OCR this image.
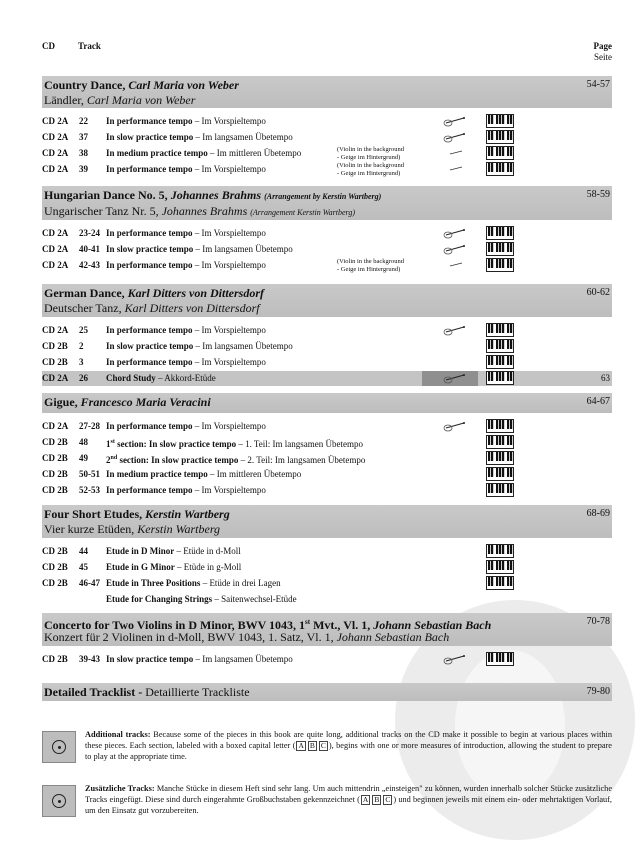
CD	Track	Page
Seite
Country Dance, Carl Maria von Weber
Ländler, Carl Maria von Weber
54-57
CD 2A 22 In performance tempo – Im Vorspieltempo
CD 2A 37 In slow practice tempo – Im langsamen Übetempo
CD 2A 38 In medium practice tempo – Im mittleren Übetempo	(Violin in the background
- Geige im Hintergrund)
CD 2A 39 In performance tempo – Im Vorspieltempo	(Violin in the background
- Geige im Hintergrund)
Hungarian Dance No. 5, Johannes Brahms (Arrangement by Kerstin Wartberg)
Ungarischer Tanz Nr. 5, Johannes Brahms (Arrangement Kerstin Wartberg)
58-59
CD 2A 23-24 In performance tempo – Im Vorspieltempo
CD 2A 40-41 In slow practice tempo – Im langsamen Übetempo
CD 2A 42-43 In performance tempo – Im Vorspieltempo	(Violin in the background
- Geige im Hintergrund)
German Dance, Karl Ditters von Dittersdorf
Deutscher Tanz, Karl Ditters von Dittersdorf
60-62
CD 2A 25 In performance tempo – Im Vorspieltempo
CD 2B 2	In slow practice tempo – Im langsamen Übetempo
CD 2B 3	In performance tempo – Im Vorspieltempo
CD 2A 26 Chord Study – Akkord-Etüde	63
Gigue, Francesco Maria Veracini	64-67
CD 2A 27-28 In performance tempo – Im Vorspieltempo
CD 2B 48 1st section: In slow practice tempo – 1. Teil: Im langsamen Übetempo
CD 2B 49 2nd section: In slow practice tempo – 2. Teil: Im langsamen Übetempo
CD 2B 50-51 In medium practice tempo – Im mittleren Übetempo
CD 2B 52-53 In performance tempo – Im Vorspieltempo
Four Short Etudes, Kerstin Wartberg
Vier kurze Etüden, Kerstin Wartberg
68-69
CD 2B 44 Etude in D Minor – Etüde in d-Moll
CD 2B 45 Etude in G Minor – Etüde in g-Moll
CD 2B 46-47 Etude in Three Positions – Etüde in drei Lagen
Etude for Changing Strings – Saitenwechsel-Etüde
Concerto for Two Violins in D Minor, BWV 1043, 1st Mvt., Vl. 1, Johann Sebastian Bach
Konzert für 2 Violinen in d-Moll, BWV 1043, 1. Satz, Vl. 1, Johann Sebastian Bach
70-78
CD 2B 39-43 In slow practice tempo – Im langsamen Übetempo
Detailed Tracklist - Detaillierte Trackliste	79-80
Additional tracks: Because some of the pieces in this book are quite long, additional tracks on the CD make it possible to begin at various places within these pieces. Each section, labeled with a boxed capital letter ( A B C ), begins with one or more measures of introduction, allowing the student to prepare to play at the appropriate time.
Zusätzliche Tracks: Manche Stücke in diesem Heft sind sehr lang. Um auch mittendrin „einsteigen" zu können, wurden innerhalb solcher Stücke zusätzliche Tracks eingefügt. Diese sind durch eingerahmte Großbuchstaben gekennzeichnet ( A B C ) und beginnen jeweils mit einem ein- oder mehrtaktigen Vorlauf, um den Einsatz gut vorzubereiten.
